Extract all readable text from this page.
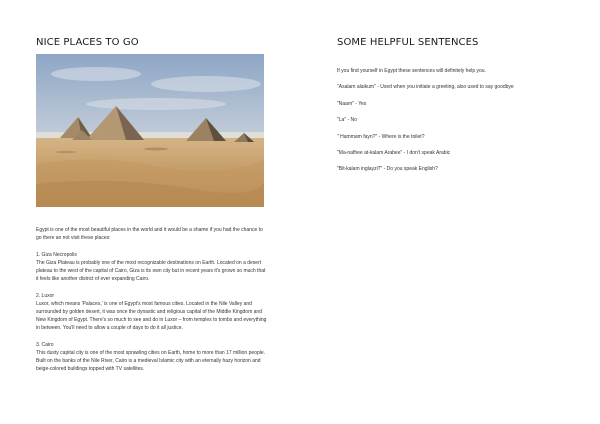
NICE PLACES TO GO

Egypt is one of the most beautiful places in the world and it would be a shame if you had the chance to go there an not visit these places:

1. Giza Necropolis

The Giza Plateau is probably one of the most recognizable destinations on Earth. Located on a desert plateau to the west of the capital of Cairo, Giza is its own city but in recent years it's grown so much that it feels like another district of ever expanding Cairo.

2. Luxor

Luxor, which means 'Palaces,' is one of Egypt's most famous cities. Located in the Nile Valley and surrounded by golden desert, it was once the dynastic and religious capital of the Middle Kingdom and New Kingdom of Egypt. There's so much to see and do in Luxor – from temples to tombs and everything in between. You'll need to allow a couple of days to do it all justice.

3. Cairo

This dusty capital city is one of the most sprawling cities on Earth, home to more than 17 million people. Built on the banks of the Nile River, Cairo is a medieval Islamic city with an eternally hazy horizon and beige-colored buildings topped with TV satellites.

SOME HELPFUL SENTENCES

If you find yourself in Egypt these sentences will definitely help you.

"Asalam alaikum" - Used when you initiate a greeting, also used to say goodbye

"Naam" - Yes

"La" - No

" Hammam fayn?" - Where is the toilet?

"Ma-nafhee at-kalam Arabee" - I don't speak Arabic

"Bit-kalam inglayzi?" - Do you speak English?
